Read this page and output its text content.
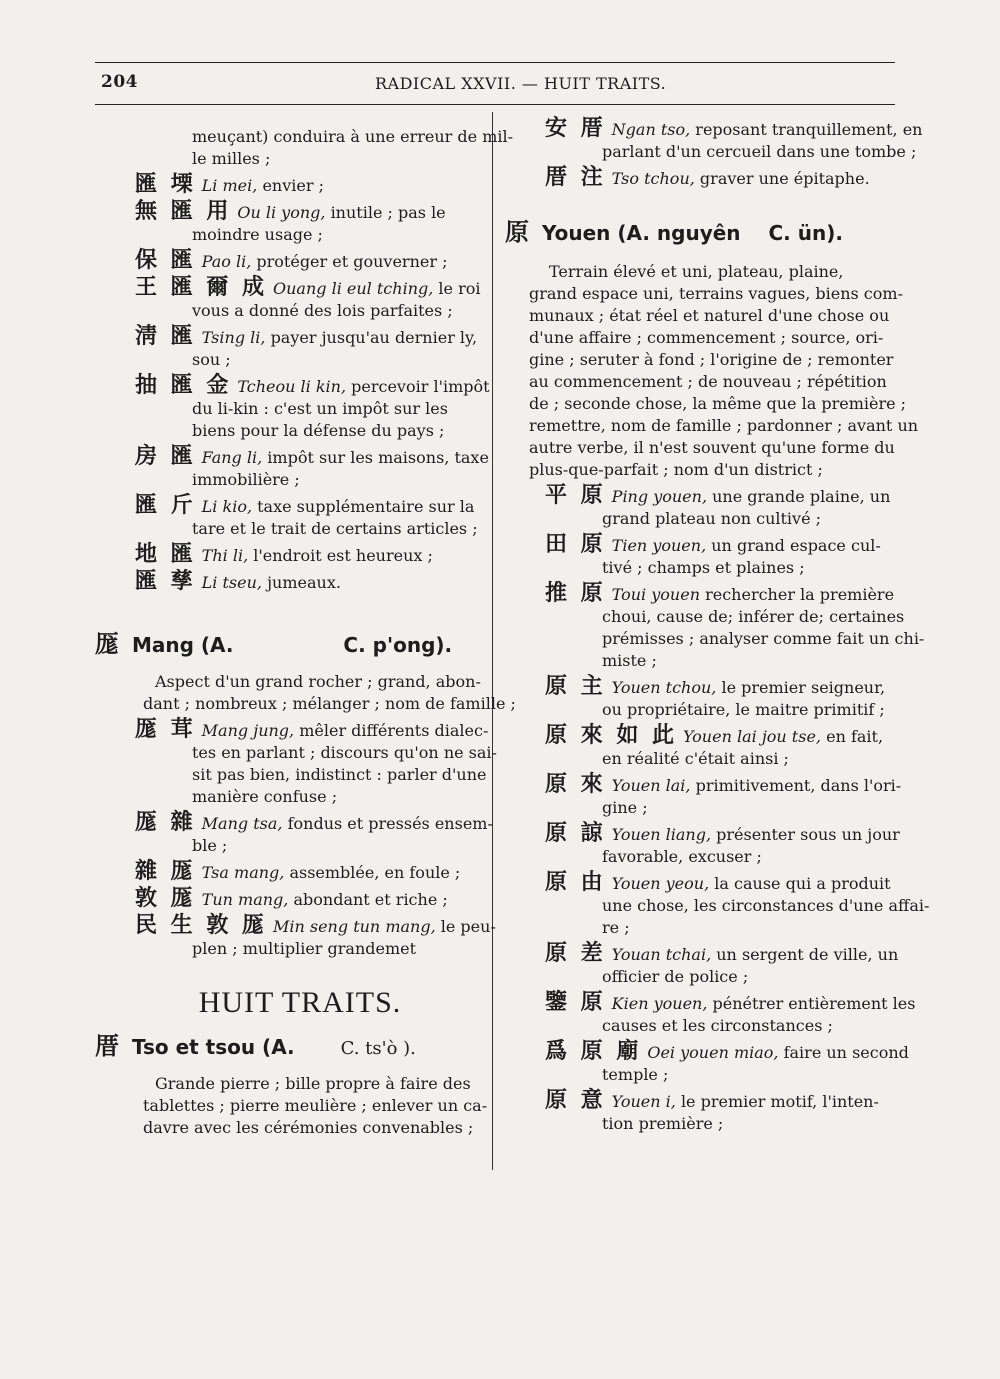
204	RADICAL XXVII. — HUIT TRAITS.
meuçant) conduira à une erreur de mil-
le milles ;
匯 塛 Li mei, envier ;
無 匯 用 Ou li yong, inutile ; pas le
moindre usage ;
保 匯 Pao li, protéger et gouverner ;
王 匯 爾 成 Ouang li eul tching, le roi
vous a donné des lois parfaites ;
淸 匯 Tsing li, payer jusqu'au dernier ly,
sou ;
抽 匯 金 Tcheou li kin, percevoir l'impôt
du li-kin : c'est un impôt sur les
biens pour la défense du pays ;
房 匯 Fang li, impôt sur les maisons, taxe
immobilière ;
匯 斤 Li kio, taxe supplémentaire sur la
tare et le trait de certains articles ;
地 匯 Thi li, l'endroit est heureux ;
匯 孳 Li tseu, jumeaux.
厖 Mang (A.	C. p'ong).
Aspect d'un grand rocher ; grand, abon-
dant ; nombreux ; mélanger ; nom de famille ;
厖 茸 Mang jung, mêler différents dialec-
tes en parlant ; discours qu'on ne sai-
sit pas bien, indistinct : parler d'une
manière confuse ;
厖 雜 Mang tsa, fondus et pressés ensem-
ble ;
雜 厖 Tsa mang, assemblée, en foule ;
敦 厖 Tun mang, abondant et riche ;
民 生 敦 厖 Min seng tun mang, le peu-
plen ; multiplier grandemet
HUIT TRAITS.
厝 Tso et tsou (A.	C. ts'ò ).
Grande pierre ; bille propre à faire des
tablettes ; pierre meulière ; enlever un ca-
davre avec les cérémonies convenables ;
安 厝 Ngan tso, reposant tranquillement, en
parlant d'un cercueil dans une tombe ;
厝 注 Tso tchou, graver une épitaphe.
原 Youen (A. nguyên C. ün).
Terrain élevé et uni, plateau, plaine,
grand espace uni, terrains vagues, biens com-
munaux ; état réel et naturel d'une chose ou
d'une affaire ; commencement ; source, ori-
gine ; seruter à fond ; l'origine de ; remonter
au commencement ; de nouveau ; répétition
de ; seconde chose, la même que la première ;
remettre, nom de famille ; pardonner ; avant un
autre verbe, il n'est souvent qu'une forme du
plus-que-parfait ; nom d'un district ;
平 原 Ping youen, une grande plaine, un
grand plateau non cultivé ;
田 原 Tien youen, un grand espace cul-
tivé ; champs et plaines ;
推 原 Toui youen rechercher la première
choui, cause de; inférer de; certaines
prémisses ; analyser comme fait un chi-
miste ;
原 主 Youen tchou, le premier seigneur,
ou propriétaire, le maitre primitif ;
原 來 如 此 Youen lai jou tse, en fait,
en réalité c'était ainsi ;
原 來 Youen lai, primitivement, dans l'ori-
gine ;
原 諒 Youen liang, présenter sous un jour
favorable, excuser ;
原 由 Youen yeou, la cause qui a produit
une chose, les circonstances d'une affai-
re ;
原 差 Youan tchai, un sergent de ville, un
officier de police ;
鑒 原 Kien youen, pénétrer entièrement les
causes et les circonstances ;
爲 原 廟 Oei youen miao, faire un second
temple ;
原 意 Youen i, le premier motif, l'inten-
tion première ;
